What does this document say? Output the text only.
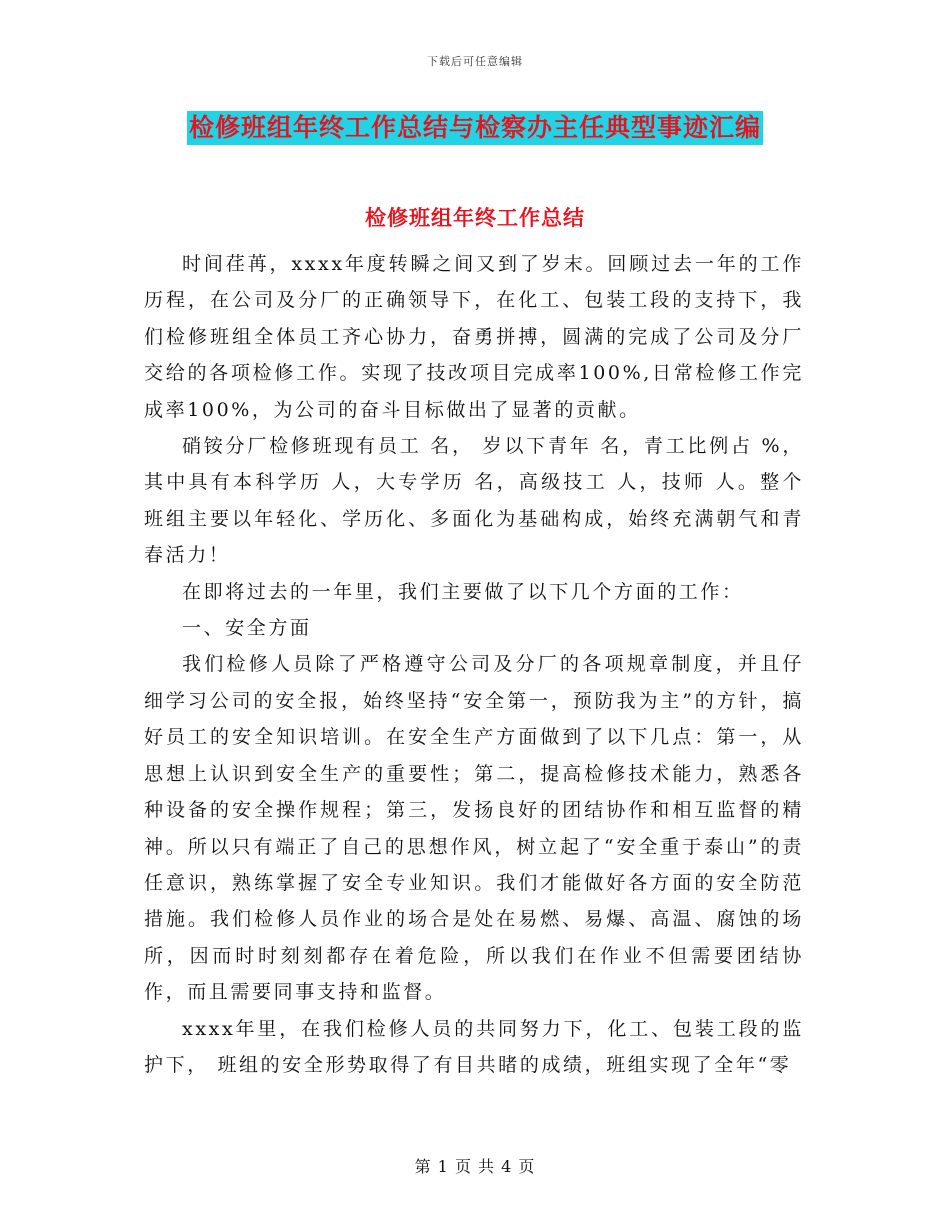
下载后可任意编辑
检修班组年终工作总结与检察办主任典型事迹汇编
检修班组年终工作总结

时间荏苒，xxxx年度转瞬之间又到了岁末。回顾过去一年的工作历程，在公司及分厂的正确领导下，在化工、包装工段的支持下，我们检修班组全体员工齐心协力，奋勇拼搏，圆满的完成了公司及分厂交给的各项检修工作。实现了技改项目完成率100%,日常检修工作完成率100%，为公司的奋斗目标做出了显著的贡献。

硝铵分厂检修班现有员工 名， 岁以下青年 名，青工比例占 %，其中具有本科学历 人，大专学历 名，高级技工 人，技师 人。整个班组主要以年轻化、学历化、多面化为基础构成，始终充满朝气和青春活力！

在即将过去的一年里，我们主要做了以下几个方面的工作：

一、安全方面

我们检修人员除了严格遵守公司及分厂的各项规章制度，并且仔细学习公司的安全报，始终坚持“安全第一，预防我为主”的方针，搞好员工的安全知识培训。在安全生产方面做到了以下几点：第一，从思想上认识到安全生产的重要性；第二，提高检修技术能力，熟悉各种设备的安全操作规程；第三，发扬良好的团结协作和相互监督的精神。所以只有端正了自己的思想作风，树立起了“安全重于泰山”的责任意识，熟练掌握了安全专业知识。我们才能做好各方面的安全防范措施。我们检修人员作业的场合是处在易燃、易爆、高温、腐蚀的场所，因而时时刻刻都存在着危险，所以我们在作业不但需要团结协作，而且需要同事支持和监督。

xxxx年里，在我们检修人员的共同努力下，化工、包装工段的监护下， 班组的安全形势取得了有目共睹的成绩，班组实现了全年“零

第 1 页 共 4 页
